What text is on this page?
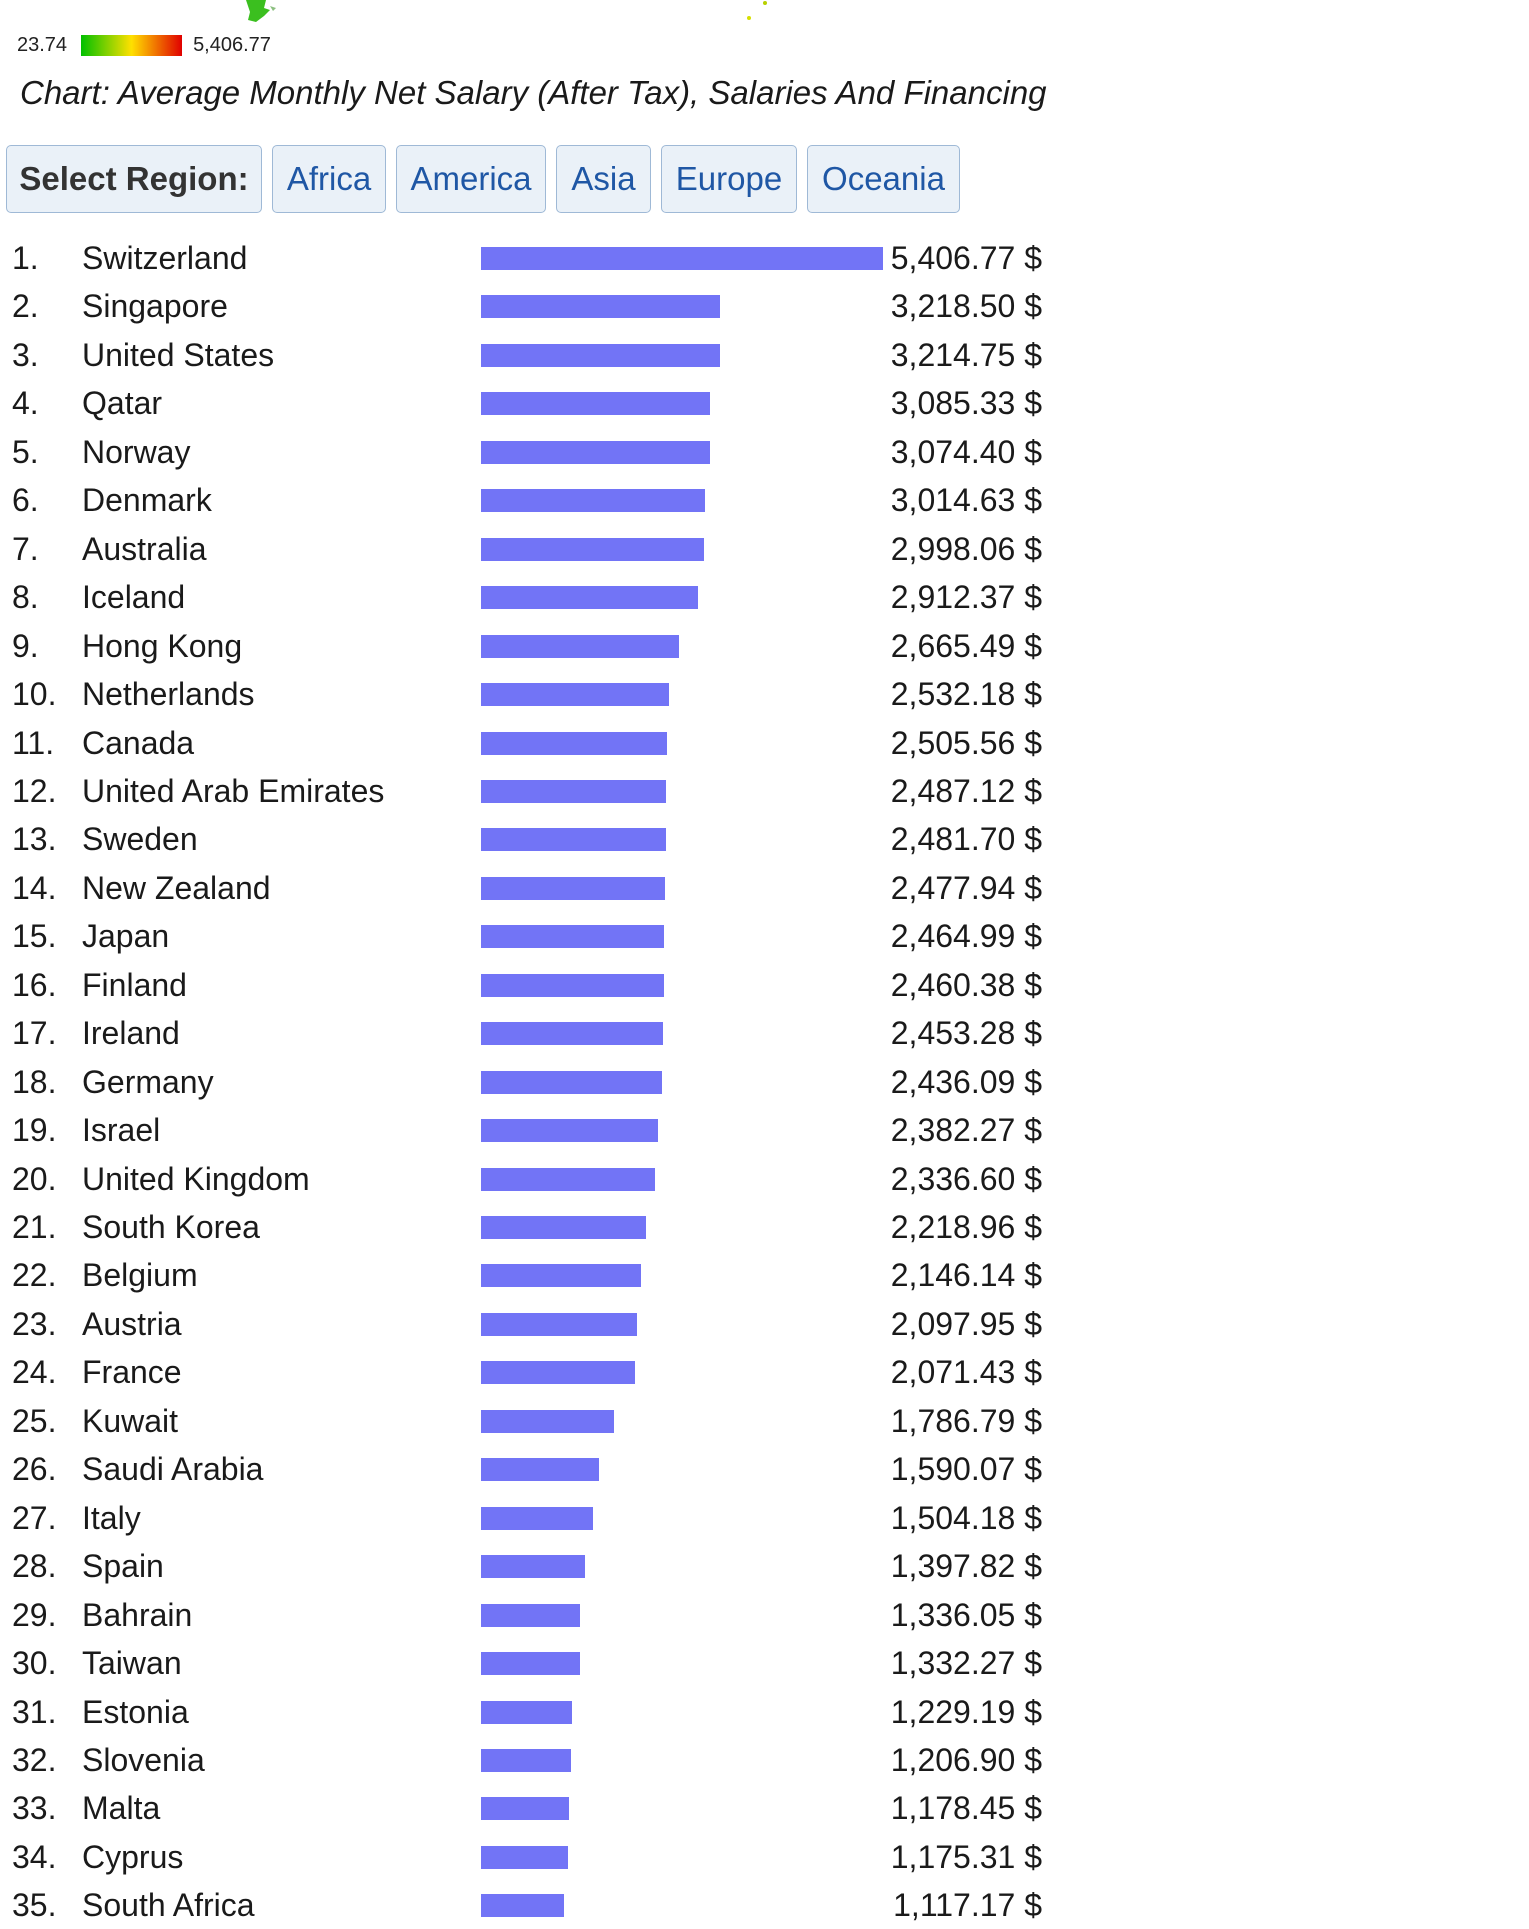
23.74	5,406.77
Chart: Average Monthly Net Salary (After Tax), Salaries And Financing
Select Region:	Africa	America	Asia	Europe	Oceania
1. Switzerland	5,406.77 $
2. Singapore	3,218.50 $
3. United States	3,214.75 $
4. Qatar	3,085.33 $
5. Norway	3,074.40 $
6. Denmark	3,014.63 $
7. Australia	2,998.06 $
8. Iceland	2,912.37 $
9. Hong Kong	2,665.49 $
10. Netherlands	2,532.18 $
11. Canada	2,505.56 $
12. United Arab Emirates	2,487.12 $
13. Sweden	2,481.70 $
14. New Zealand	2,477.94 $
15. Japan	2,464.99 $
16. Finland	2,460.38 $
17. Ireland	2,453.28 $
18. Germany	2,436.09 $
19. Israel	2,382.27 $
20. United Kingdom	2,336.60 $
21. South Korea	2,218.96 $
22. Belgium	2,146.14 $
23. Austria	2,097.95 $
24. France	2,071.43 $
25. Kuwait	1,786.79 $
26. Saudi Arabia	1,590.07 $
27. Italy	1,504.18 $
28. Spain	1,397.82 $
29. Bahrain	1,336.05 $
30. Taiwan	1,332.27 $
31. Estonia	1,229.19 $
32. Slovenia	1,206.90 $
33. Malta	1,178.45 $
34. Cyprus	1,175.31 $
35. South Africa	1,117.17 $
